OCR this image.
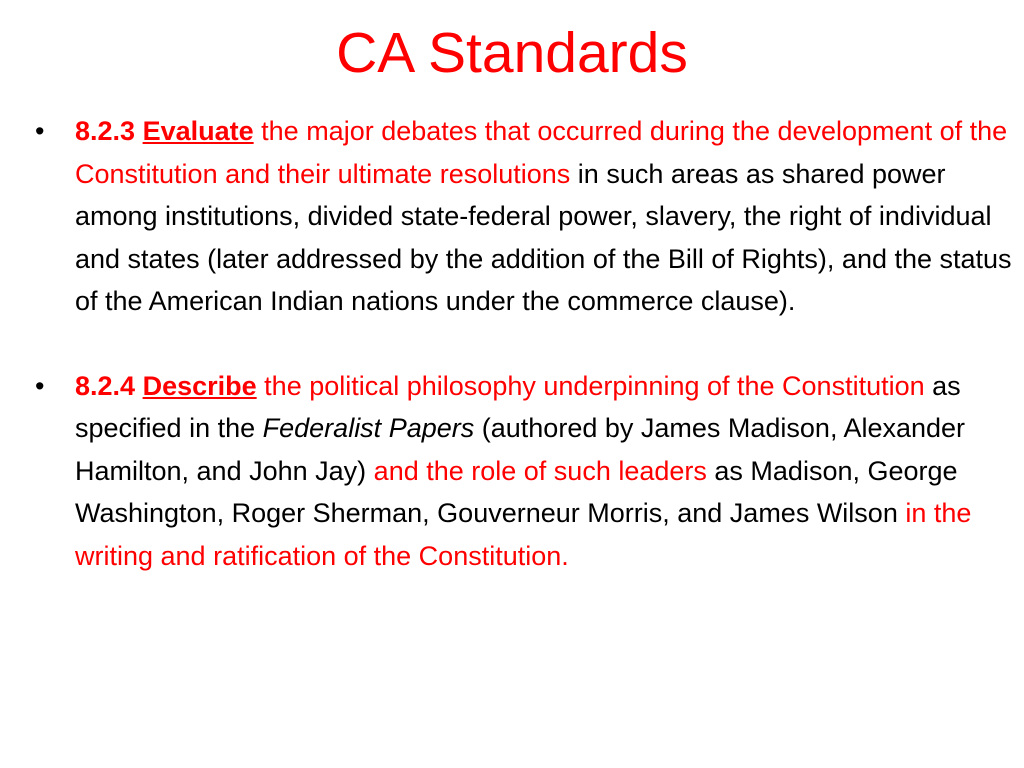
CA Standards
• 8.2.3 Evaluate the major debates that occurred during the development of the Constitution and their ultimate resolutions in such areas as shared power among institutions, divided state-federal power, slavery, the right of individual and states (later addressed by the addition of the Bill of Rights), and the status of the American Indian nations under the commerce clause).
• 8.2.4 Describe the political philosophy underpinning of the Constitution as specified in the Federalist Papers (authored by James Madison, Alexander Hamilton, and John Jay) and the role of such leaders as Madison, George Washington, Roger Sherman, Gouverneur Morris, and James Wilson in the writing and ratification of the Constitution.
